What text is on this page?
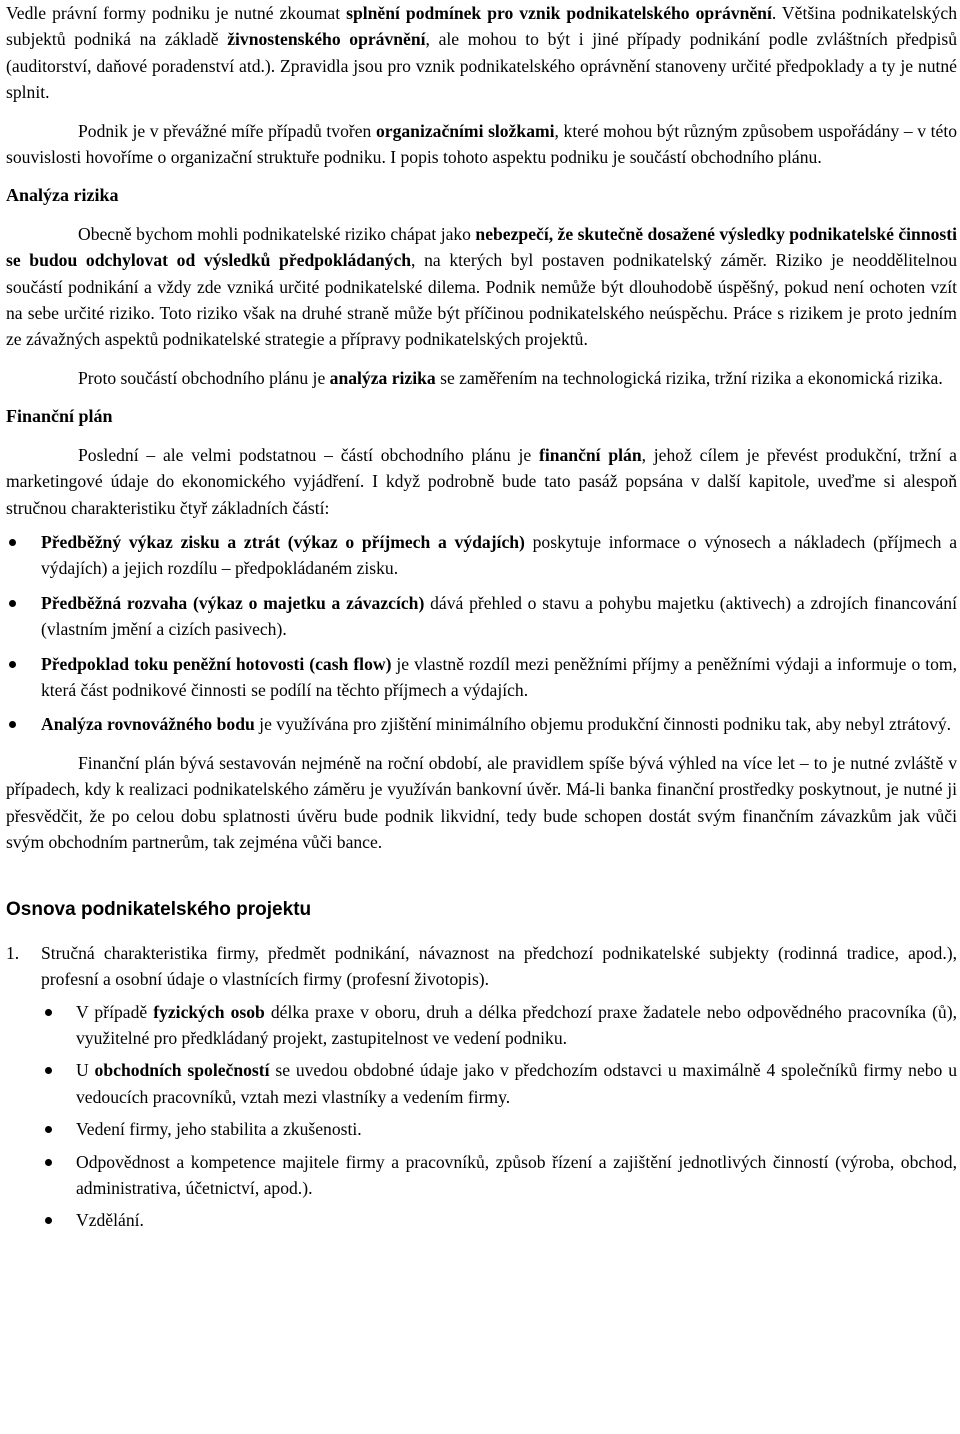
Vedle právní formy podniku je nutné zkoumat splnění podmínek pro vznik podnikatelského oprávnění. Většina podnikatelských subjektů podniká na základě živnostenského oprávnění, ale mohou to být i jiné případy podnikání podle zvláštních předpisů (auditorství, daňové poradenství atd.). Zpravidla jsou pro vznik podnikatelského oprávnění stanoveny určité předpoklady a ty je nutné splnit.

Podnik je v převážné míře případů tvořen organizačními složkami, které mohou být různým způsobem uspořádány – v této souvislosti hovoříme o organizační struktuře podniku. I popis tohoto aspektu podniku je součástí obchodního plánu.

Analýza rizika

Obecně bychom mohli podnikatelské riziko chápat jako nebezpečí, že skutečně dosažené výsledky podnikatelské činnosti se budou odchylovat od výsledků předpokládaných, na kterých byl postaven podnikatelský záměr. Riziko je neoddělitelnou součástí podnikání a vždy zde vzniká určité podnikatelské dilema. Podnik nemůže být dlouhodobě úspěšný, pokud není ochoten vzít na sebe určité riziko. Toto riziko však na druhé straně může být příčinou podnikatelského neúspěchu. Práce s rizikem je proto jedním ze závažných aspektů podnikatelské strategie a přípravy podnikatelských projektů.

Proto součástí obchodního plánu je analýza rizika se zaměřením na technologická rizika, tržní rizika a ekonomická rizika.

Finanční plán

Poslední – ale velmi podstatnou – částí obchodního plánu je finanční plán, jehož cílem je převést produkční, tržní a marketingové údaje do ekonomického vyjádření. I když podrobně bude tato pasáž popsána v další kapitole, uveďme si alespoň stručnou charakteristiku čtyř základních částí:

Předběžný výkaz zisku a ztrát (výkaz o příjmech a výdajích) poskytuje informace o výnosech a nákladech (příjmech a výdajích) a jejich rozdílu – předpokládaném zisku.
Předběžná rozvaha (výkaz o majetku a závazcích) dává přehled o stavu a pohybu majetku (aktivech) a zdrojích financování (vlastním jmění a cizích pasivech).
Předpoklad toku peněžní hotovosti (cash flow) je vlastně rozdíl mezi peněžními příjmy a peněžními výdaji a informuje o tom, která část podnikové činnosti se podílí na těchto příjmech a výdajích.
Analýza rovnovážného bodu je využívána pro zjištění minimálního objemu produkční činnosti podniku tak, aby nebyl ztrátový.

Finanční plán bývá sestavován nejméně na roční období, ale pravidlem spíše bývá výhled na více let – to je nutné zvláště v případech, kdy k realizaci podnikatelského záměru je využíván bankovní úvěr. Má-li banka finanční prostředky poskytnout, je nutné ji přesvědčit, že po celou dobu splatnosti úvěru bude podnik likvidní, tedy bude schopen dostát svým finančním závazkům jak vůči svým obchodním partnerům, tak zejména vůči bance.

Osnova podnikatelského projektu
1. Stručná charakteristika firmy, předmět podnikání, návaznost na předchozí podnikatelské subjekty (rodinná tradice, apod.), profesní a osobní údaje o vlastnících firmy (profesní životopis).
V případě fyzických osob délka praxe v oboru, druh a délka předchozí praxe žadatele nebo odpovědného pracovníka (ů), využitelné pro předkládaný projekt, zastupitelnost ve vedení podniku.
U obchodních společností se uvedou obdobné údaje jako v předchozím odstavci u maximálně 4 společníků firmy nebo u vedoucích pracovníků, vztah mezi vlastníky a vedením firmy.
Vedení firmy, jeho stabilita a zkušenosti.
Odpovědnost a kompetence majitele firmy a pracovníků, způsob řízení a zajištění jednotlivých činností (výroba, obchod, administrativa, účetnictví, apod.).
Vzdělání.
